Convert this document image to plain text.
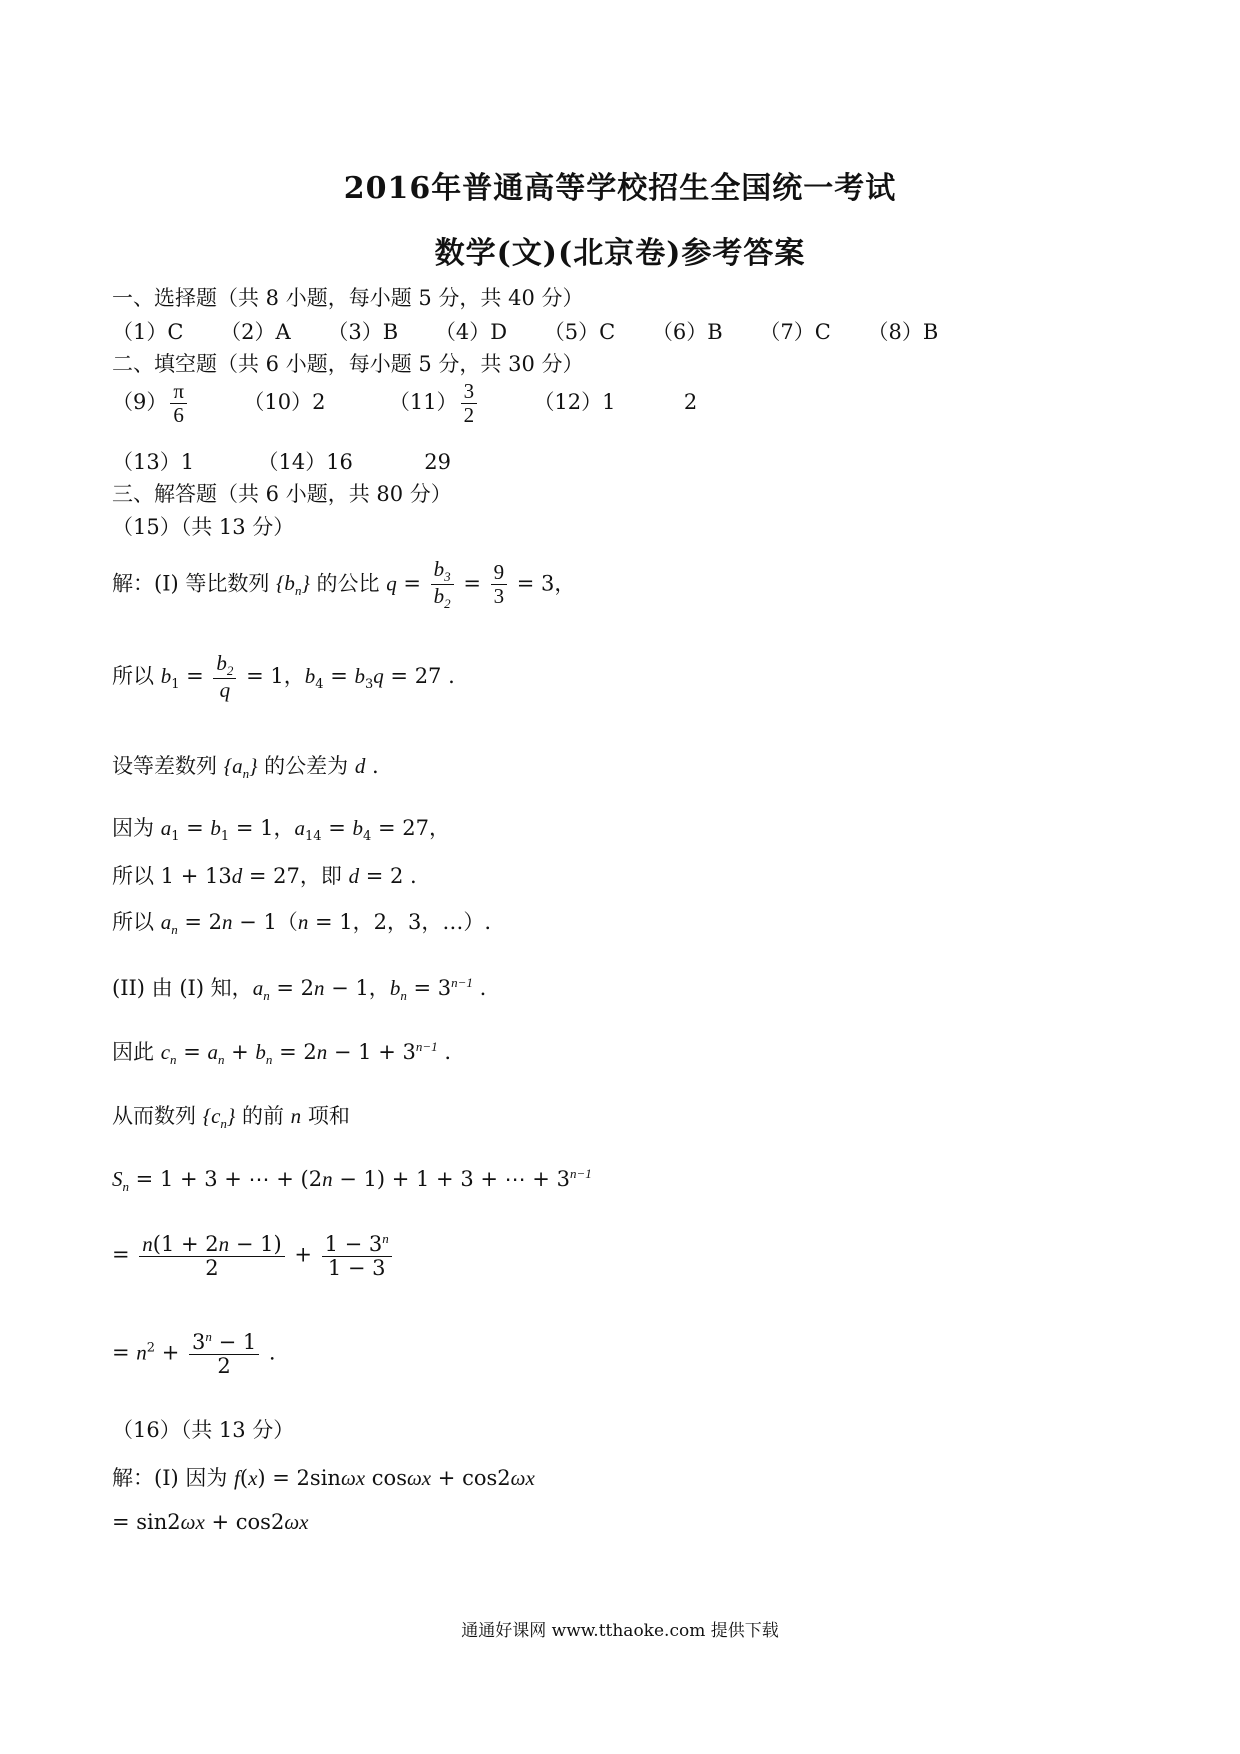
2016年普通高等学校招生全国统一考试
数学(文)(北京卷)参考答案
一、选择题（共 8 小题，每小题 5 分，共 40 分）
（1）C （2）A （3）B （4）D （5）C （6）B （7）C （8）B
二、填空题（共 6 小题，每小题 5 分，共 30 分）
$(9) \frac{\pi}{6}$	（10）2	$(11) \frac{3}{2}$	（12）1	2
（13）1	（14）16	29
三、解答题（共 6 小题，共 80 分）
（15）（共 13 分）
解：(I) 等比数列 $\{b_n\}$ 的公比 $q = \frac{b_3}{b_2} = \frac{9}{3} = 3$，
所以 $b_1 = \frac{b_2}{q} = 1$，$b_4 = b_3q = 27$ .
设等差数列 $\{a_n\}$ 的公差为 d .
因为 $a_1 = b_1 = 1$，$a_{14} = b_4 = 27$，
所以 1 + 13d = 27，即 d = 2 .
所以 $a_n = 2n - 1(n = 1$，2，3，…）.
(II) 由 (I) 知，$a_n = 2n - 1$，$b_n = 3^{n-1}$ .
因此 $c_n = a_n + b_n = 2n - 1 + 3^{n-1}$ .
从而数列 $\{c_n\}$ 的前 n 项和
$S_n = 1 + 3$ + ⋯ + (2n − 1) + 1 + 3 + ⋯ + $3^{n-1}$
= $\frac{n(1 + 2n - 1)}{2} + \frac{1 - 3^n}{1 - 3}$
= $n^2 + \frac{3^n - 1}{2}$ .
（16）（共 13 分）
解：(I) 因为 f(x) = 2sinωx cosωx + cos2ωx
= sin2ωx + cos2ωx
通通好课网 www.tthaoke.com 提供下载
